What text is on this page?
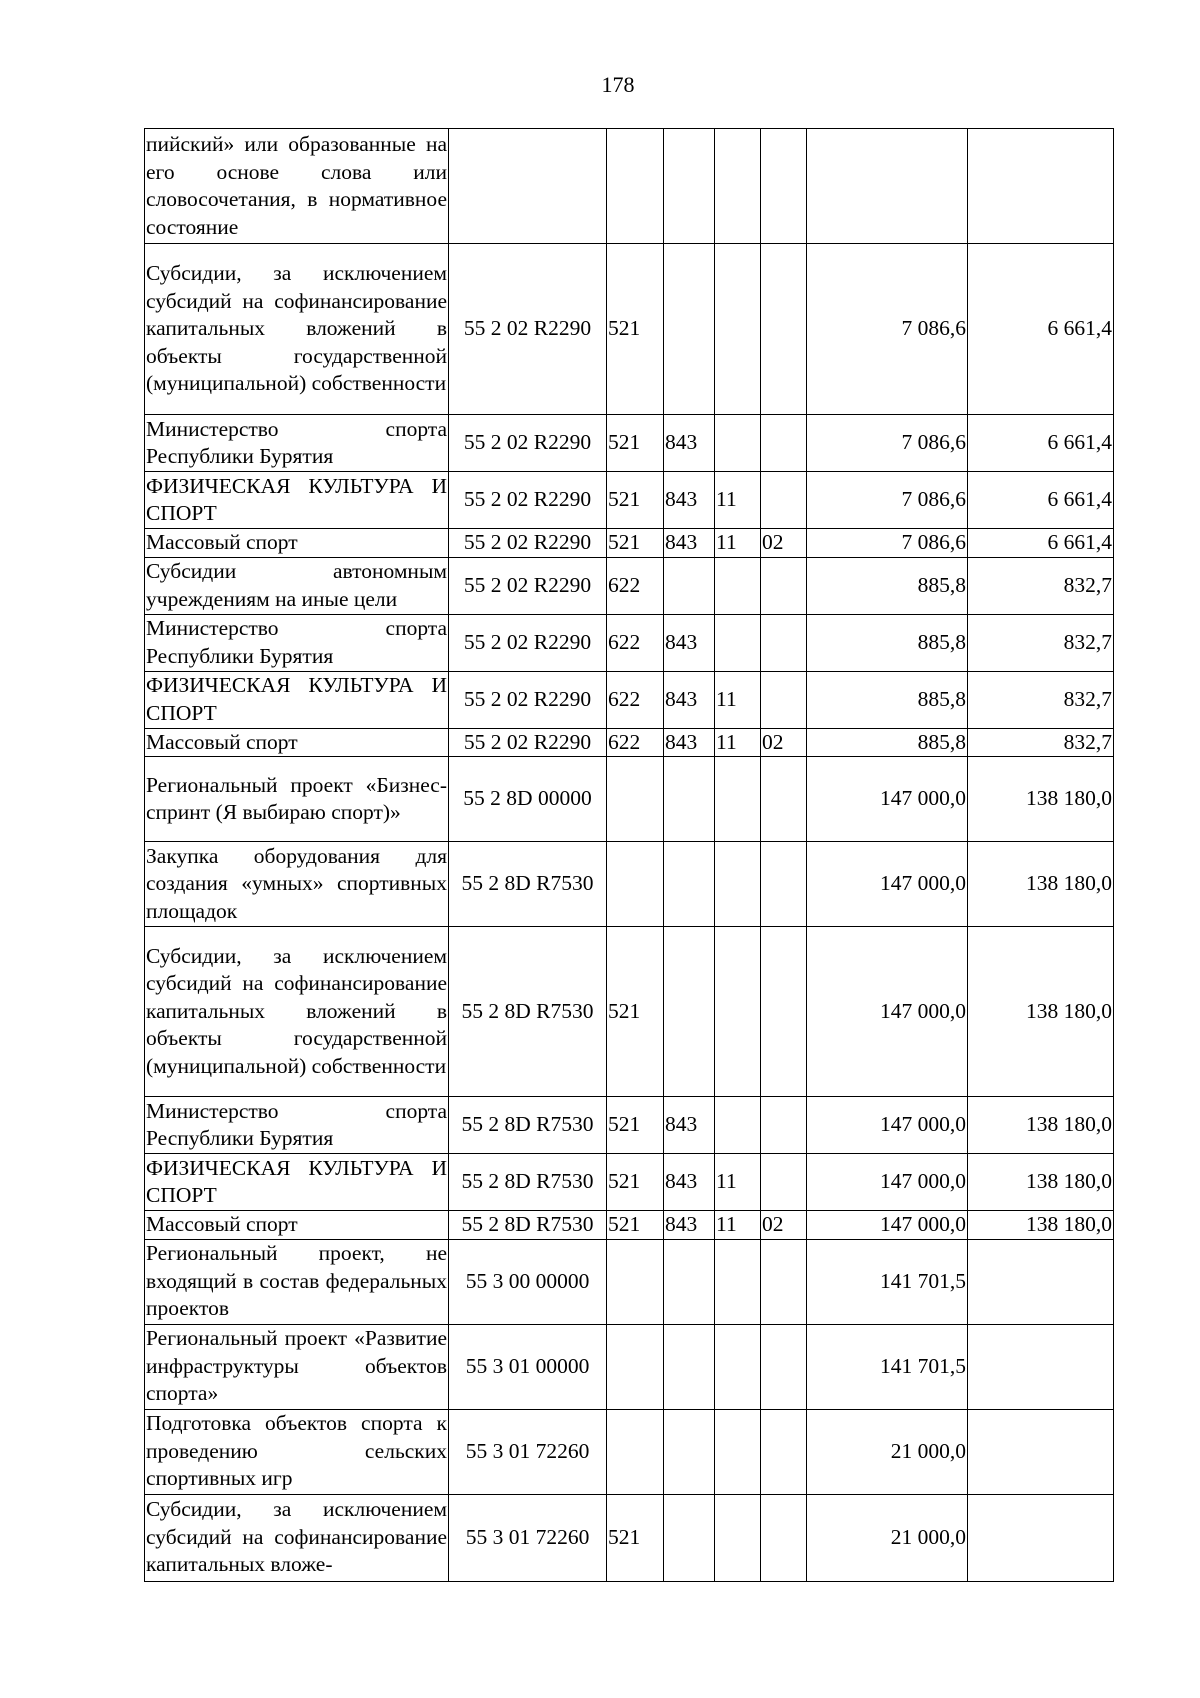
178
пийский» или образованные на его основе слова или словосочетания, в нормативное состояние							
Субсидии, за исключением субсидий на софинансирование капитальных вложений в объекты государственной (муниципальной) собственности	55 2 02 R2290	521				7 086,6	6 661,4
Министерство спорта Республики Бурятия	55 2 02 R2290	521	843			7 086,6	6 661,4
ФИЗИЧЕСКАЯ КУЛЬТУРА И СПОРТ	55 2 02 R2290	521	843	11		7 086,6	6 661,4
Массовый спорт	55 2 02 R2290	521	843	11	02	7 086,6	6 661,4
Субсидии автономным учреждениям на иные цели	55 2 02 R2290	622				885,8	832,7
Министерство спорта Республики Бурятия	55 2 02 R2290	622	843			885,8	832,7
ФИЗИЧЕСКАЯ КУЛЬТУРА И СПОРТ	55 2 02 R2290	622	843	11		885,8	832,7
Массовый спорт	55 2 02 R2290	622	843	11	02	885,8	832,7
Региональный проект «Бизнес-спринт (Я выбираю спорт)»	55 2 8D 00000					147 000,0	138 180,0
Закупка оборудования для создания «умных» спортивных площадок	55 2 8D R7530					147 000,0	138 180,0
Субсидии, за исключением субсидий на софинансирование капитальных вложений в объекты государственной (муниципальной) собственности	55 2 8D R7530	521				147 000,0	138 180,0
Министерство спорта Республики Бурятия	55 2 8D R7530	521	843			147 000,0	138 180,0
ФИЗИЧЕСКАЯ КУЛЬТУРА И СПОРТ	55 2 8D R7530	521	843	11		147 000,0	138 180,0
Массовый спорт	55 2 8D R7530	521	843	11	02	147 000,0	138 180,0
Региональный проект, не входящий в состав федеральных проектов	55 3 00 00000					141 701,5	
Региональный проект «Развитие инфраструктуры объектов спорта»	55 3 01 00000					141 701,5	
Подготовка объектов спорта к проведению сельских спортивных игр	55 3 01 72260					21 000,0	
Субсидии, за исключением субсидий на софинансирование капитальных вложе-	55 3 01 72260	521				21 000,0	
